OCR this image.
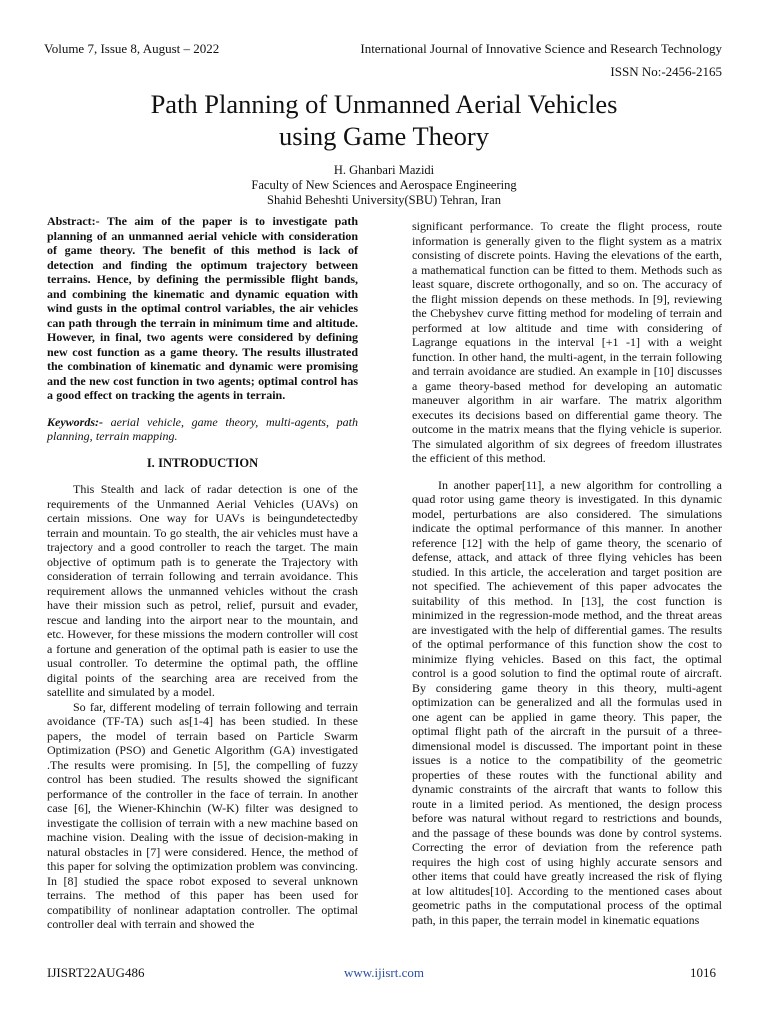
Volume 7, Issue 8, August – 2022	International Journal of Innovative Science and Research Technology
ISSN No:-2456-2165
Path Planning of Unmanned Aerial Vehicles
using Game Theory
H. Ghanbari Mazidi
Faculty of New Sciences and Aerospace Engineering
Shahid Beheshti University(SBU) Tehran, Iran

Abstract:- The aim of the paper is to investigate path planning of an unmanned aerial vehicle with consideration of game theory. The benefit of this method is lack of detection and finding the optimum trajectory between terrains. Hence, by defining the permissible flight bands, and combining the kinematic and dynamic equation with wind gusts in the optimal control variables, the air vehicles can path through the terrain in minimum time and altitude. However, in final, two agents were considered by defining new cost function as a game theory. The results illustrated the combination of kinematic and dynamic were promising and the new cost function in two agents; optimal control has a good effect on tracking the agents in terrain.

Keywords:- aerial vehicle, game theory, multi-agents, path planning, terrain mapping.

I. INTRODUCTION

This Stealth and lack of radar detection is one of the requirements of the Unmanned Aerial Vehicles (UAVs) on certain missions. One way for UAVs is beingundetectedby terrain and mountain. To go stealth, the air vehicles must have a trajectory and a good controller to reach the target. The main objective of optimum path is to generate the Trajectory with consideration of terrain following and terrain avoidance. This requirement allows the unmanned vehicles without the crash have their mission such as petrol, relief, pursuit and evader, rescue and landing into the airport near to the mountain, and etc. However, for these missions the modern controller will cost a fortune and generation of the optimal path is easier to use the usual controller. To determine the optimal path, the offline digital points of the searching area are received from the satellite and simulated by a model.

So far, different modeling of terrain following and terrain avoidance (TF-TA) such as[1-4] has been studied. In these papers, the model of terrain based on Particle Swarm Optimization (PSO) and Genetic Algorithm (GA) investigated .The results were promising. In [5], the compelling of fuzzy control has been studied. The results showed the significant performance of the controller in the face of terrain. In another case [6], the Wiener-Khinchin (W-K) filter was designed to investigate the collision of terrain with a new machine based on machine vision. Dealing with the issue of decision-making in natural obstacles in [7] were considered. Hence, the method of this paper for solving the optimization problem was convincing. In [8] studied the space robot exposed to several unknown terrains. The method of this paper has been used for compatibility of nonlinear adaptation controller. The optimal controller deal with terrain and showed the

significant performance. To create the flight process, route information is generally given to the flight system as a matrix consisting of discrete points. Having the elevations of the earth, a mathematical function can be fitted to them. Methods such as least square, discrete orthogonally, and so on. The accuracy of the flight mission depends on these methods. In [9], reviewing the Chebyshev curve fitting method for modeling of terrain and performed at low altitude and time with considering of Lagrange equations in the interval [+1 -1] with a weight function. In other hand, the multi-agent, in the terrain following and terrain avoidance are studied. An example in [10] discusses a game theory-based method for developing an automatic maneuver algorithm in air warfare. The matrix algorithm executes its decisions based on differential game theory. The outcome in the matrix means that the flying vehicle is superior. The simulated algorithm of six degrees of freedom illustrates the efficient of this method.

In another paper[11], a new algorithm for controlling a quad rotor using game theory is investigated. In this dynamic model, perturbations are also considered. The simulations indicate the optimal performance of this manner. In another reference [12] with the help of game theory, the scenario of defense, attack, and attack of three flying vehicles has been studied. In this article, the acceleration and target position are not specified. The achievement of this paper advocates the suitability of this method. In [13], the cost function is minimized in the regression-mode method, and the threat areas are investigated with the help of differential games. The results of the optimal performance of this function show the cost to minimize flying vehicles. Based on this fact, the optimal control is a good solution to find the optimal route of aircraft. By considering game theory in this theory, multi-agent optimization can be generalized and all the formulas used in one agent can be applied in game theory. This paper, the optimal flight path of the aircraft in the pursuit of a three-dimensional model is discussed. The important point in these issues is a notice to the compatibility of the geometric properties of these routes with the functional ability and dynamic constraints of the aircraft that wants to follow this route in a limited period. As mentioned, the design process before was natural without regard to restrictions and bounds, and the passage of these bounds was done by control systems. Correcting the error of deviation from the reference path requires the high cost of using highly accurate sensors and other items that could have greatly increased the risk of flying at low altitudes[10]. According to the mentioned cases about geometric paths in the computational process of the optimal path, in this paper, the terrain model in kinematic equations

IJISRT22AUG486	www.ijisrt.com	1016
